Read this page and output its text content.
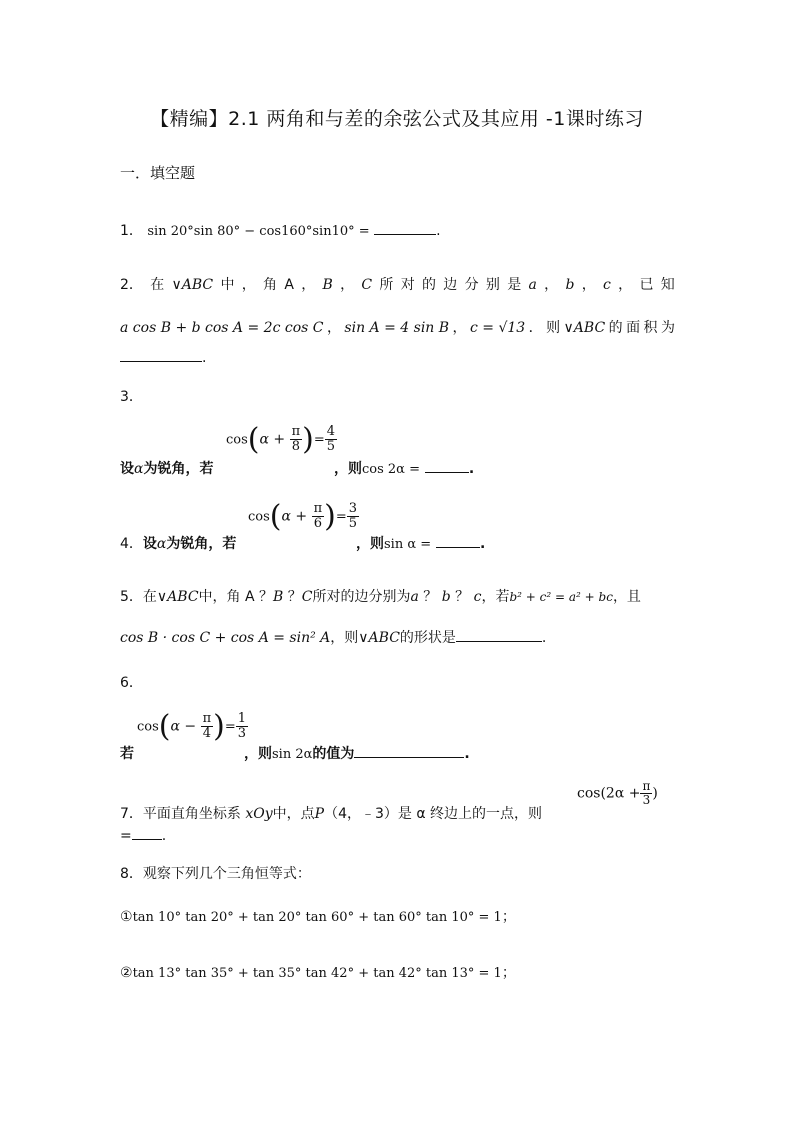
【精编】2.1 两角和与差的余弦公式及其应用 -1课时练习
一．填空题
1． sin 20°sin 80° − cos160°sin10° =	.
2． 在 ∨ABC 中 ， 角 A ， B ， C 所 对 的 边 分 别 是 a ， b ， c ， 已 知
a cos B + b cos A = 2c cos C ， sin A = 4 sin B ， c = √13 ． 则 ∨ABC 的 面 积 为
.
3．
设α为锐角，若
$\cos(\alpha + \frac{\pi}{8}$ )= $\frac{4}{5}$
，则cos 2α =	.
4．设α为锐角，若
$\cos(\alpha + \frac{\pi}{6}$ )= $\frac{3}{5}$
，则sin α =	.
5．在∨ABC中，角 A ？B ？C所对的边分别为a ？ b ？ c，若b² + c² = a² + bc，且
cos B · cos C + cos A = sin² A，则∨ABC的形状是	.
6．
若
$\cos(\alpha - \frac{\pi}{4}$ )= $\frac{1}{3}$
，则sin 2α的值为	.
7．平面直角坐标系 xOy中，点P（4，﹣3）是 α 终边上的一点，则
$\cos(2\alpha + \frac{\pi}{3}$ )
= .
8．观察下列几个三角恒等式：
①tan 10° tan 20° + tan 20° tan 60° + tan 60° tan 10° = 1；
②tan 13° tan 35° + tan 35° tan 42° + tan 42° tan 13° = 1；
